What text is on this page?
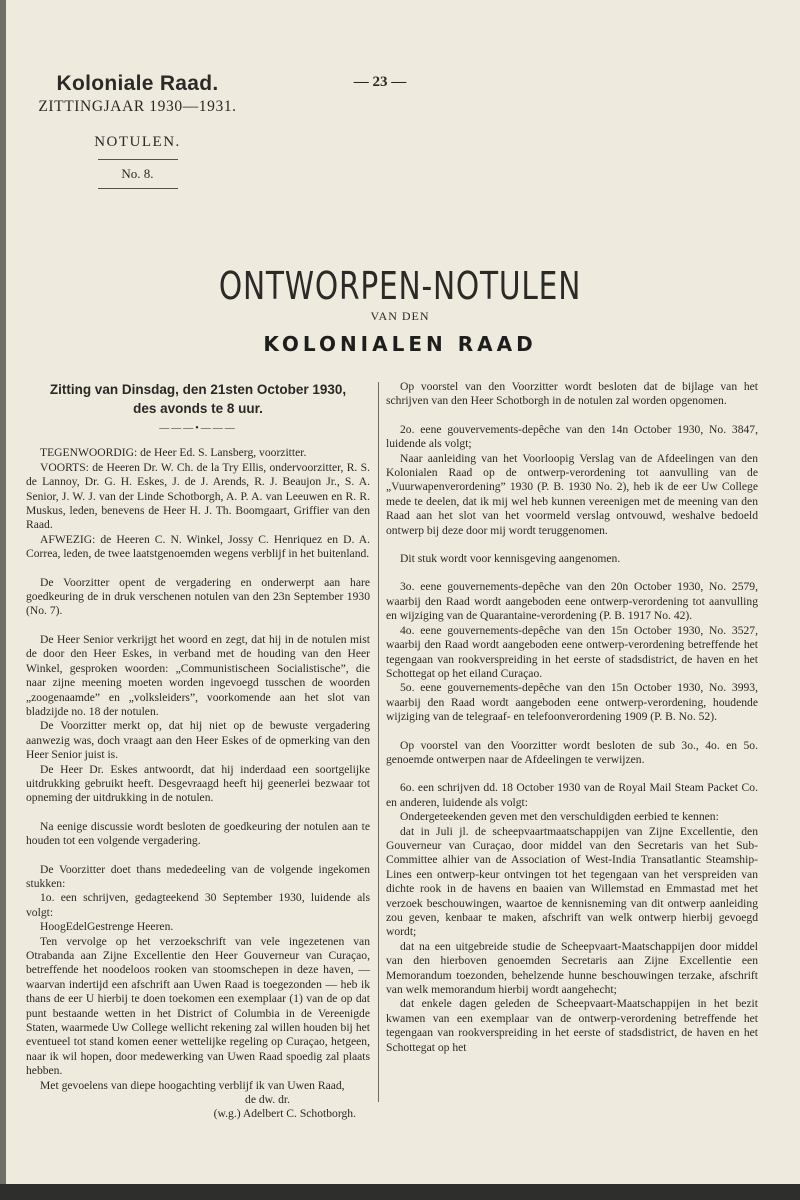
Koloniale Raad.
ZITTINGJAAR 1930—1931.
NOTULEN.
No. 8.
— 23 —
ONTWORPEN-NOTULEN
VAN DEN
KOLONIALEN RAAD
Zitting van Dinsdag, den 21sten October 1930,
des avonds te 8 uur.
———•———

TEGENWOORDIG: de Heer Ed. S. Lansberg, voorzitter.

VOORTS: de Heeren Dr. W. Ch. de la Try Ellis, ondervoorzitter, R. S. de Lannoy, Dr. G. H. Eskes, J. de J. Arends, R. J. Beaujon Jr., S. A. Senior, J. W. J. van der Linde Schotborgh, A. P. A. van Leeuwen en R. R. Muskus, leden, benevens de Heer H. J. Th. Boomgaart, Griffier van den Raad.

AFWEZIG: de Heeren C. N. Winkel, Jossy C. Henriquez en D. A. Correa, leden, de twee laatstgenoemden wegens verblijf in het buitenland.

De Voorzitter opent de vergadering en onderwerpt aan hare goedkeuring de in druk verschenen notulen van den 23n September 1930 (No. 7).

De Heer Senior verkrijgt het woord en zegt, dat hij in de notulen mist de door den Heer Eskes, in verband met de houding van den Heer Winkel, gesproken woorden: „Communistischeen Socialistische”, die naar zijne meening moeten worden ingevoegd tusschen de woorden „zoogenaamde” en „volksleiders”, voorkomende aan het slot van bladzijde no. 18 der notulen.

De Voorzitter merkt op, dat hij niet op de bewuste vergadering aanwezig was, doch vraagt aan den Heer Eskes of de opmerking van den Heer Senior juist is.

De Heer Dr. Eskes antwoordt, dat hij inderdaad een soortgelijke uitdrukking gebruikt heeft. Desgevraagd heeft hij geenerlei bezwaar tot opneming der uitdrukking in de notulen.

Na eenige discussie wordt besloten de goedkeuring der notulen aan te houden tot een volgende vergadering.

De Voorzitter doet thans mededeeling van de volgende ingekomen stukken:

1o. een schrijven, gedagteekend 30 September 1930, luidende als volgt:

HoogEdelGestrenge Heeren.

Ten vervolge op het verzoekschrift van vele ingezetenen van Otrabanda aan Zijne Excellentie den Heer Gouverneur van Curaçao, betreffende het noodeloos rooken van stoomschepen in deze haven, — waarvan indertijd een afschrift aan Uwen Raad is toegezonden — heb ik thans de eer U hierbij te doen toekomen een exemplaar (1) van de op dat punt bestaande wetten in het District of Columbia in de Vereenigde Staten, waarmede Uw College wellicht rekening zal willen houden bij het eventueel tot stand komen eener wettelijke regeling op Curaçao, hetgeen, naar ik wil hopen, door medewerking van Uwen Raad spoedig zal plaats hebben.

Met gevoelens van diepe hoogachting verblijf ik van Uwen Raad,

de dw. dr.

(w.g.) Adelbert C. Schotborgh.

Op voorstel van den Voorzitter wordt besloten dat de bijlage van het schrijven van den Heer Schotborgh in de notulen zal worden opgenomen.

2o. eene gouvervements-depêche van den 14n October 1930, No. 3847, luidende als volgt;

Naar aanleiding van het Voorloopig Verslag van de Afdeelingen van den Kolonialen Raad op de ontwerp-verordening tot aanvulling van de „Vuurwapenverordening” 1930 (P. B. 1930 No. 2), heb ik de eer Uw College mede te deelen, dat ik mij wel heb kunnen vereenigen met de meening van den Raad aan het slot van het voormeld verslag ontvouwd, weshalve bedoeld ontwerp bij deze door mij wordt teruggenomen.

Dit stuk wordt voor kennisgeving aangenomen.

3o. eene gouvernements-depêche van den 20n October 1930, No. 2579, waarbij den Raad wordt aangeboden eene ontwerp-verordening tot aanvulling en wijziging van de Quarantaine-verordening (P. B. 1917 No. 42).

4o. eene gouvernements-depêche van den 15n October 1930, No. 3527, waarbij den Raad wordt aangeboden eene ontwerp-verordening betreffende het tegengaan van rookverspreiding in het eerste of stadsdistrict, de haven en het Schottegat op het eiland Curaçao.

5o. eene gouvernements-depêche van den 15n October 1930, No. 3993, waarbij den Raad wordt aangeboden eene ontwerp-verordening, houdende wijziging van de telegraaf- en telefoonverordening 1909 (P. B. No. 52).

Op voorstel van den Voorzitter wordt besloten de sub 3o., 4o. en 5o. genoemde ontwerpen naar de Afdeelingen te verwijzen.

6o. een schrijven dd. 18 October 1930 van de Royal Mail Steam Packet Co. en anderen, luidende als volgt:

Ondergeteekenden geven met den verschuldigden eerbied te kennen:

dat in Juli jl. de scheepvaartmaatschappijen van Zijne Excellentie, den Gouverneur van Curaçao, door middel van den Secretaris van het Sub-Committee alhier van de Association of West-India Transatlantic Steamship-Lines een ontwerp-keur ontvingen tot het tegengaan van het verspreiden van dichte rook in de havens en baaien van Willemstad en Emmastad met het verzoek beschouwingen, waartoe de kennisneming van dit ontwerp aanleiding zou geven, kenbaar te maken, afschrift van welk ontwerp hierbij gevoegd wordt;

dat na een uitgebreide studie de Scheepvaart-Maatschappijen door middel van den hierboven genoemden Secretaris aan Zijne Excellentie een Memorandum toezonden, behelzende hunne beschouwingen terzake, afschrift van welk memorandum hierbij wordt aangehecht;

dat enkele dagen geleden de Scheepvaart-Maatschappijen in het bezit kwamen van een exemplaar van de ontwerp-verordening betreffende het tegengaan van rookverspreiding in het eerste of stadsdistrict, de haven en het Schottegat op het
